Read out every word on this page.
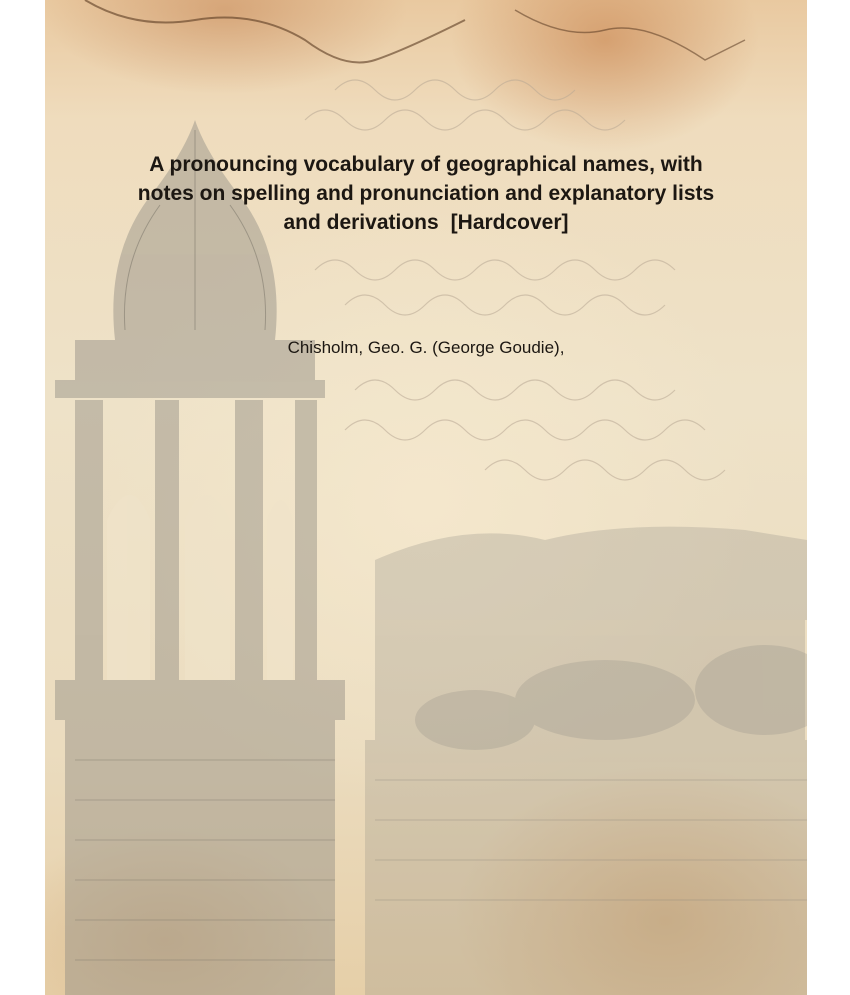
A pronouncing vocabulary of geographical names, with notes on spelling and pronunciation and explanatory lists and derivations [Hardcover]
Chisholm, Geo. G. (George Goudie),
